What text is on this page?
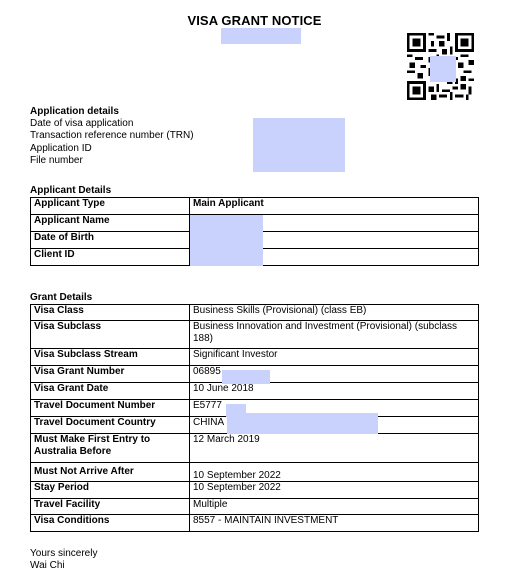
VISA GRANT NOTICE
Application details
Date of visa application
Transaction reference number (TRN)
Application ID
File number
Applicant Details
Applicant Type	Main Applicant
Applicant Name	
Date of Birth	
Client ID	
Grant Details
Visa Class	Business Skills (Provisional) (class EB)
Visa Subclass	Business Innovation and Investment (Provisional) (subclass 188)
Visa Subclass Stream	Significant Investor
Visa Grant Number	06895
Visa Grant Date	10 June 2018
Travel Document Number	E5777
Travel Document Country	CHINA
Must Make First Entry to Australia Before	12 March 2019
Must Not Arrive After	10 September 2022
Stay Period	10 September 2022
Travel Facility	Multiple
Visa Conditions	8557 - MAINTAIN INVESTMENT
Yours sincerely
Wai Chi
